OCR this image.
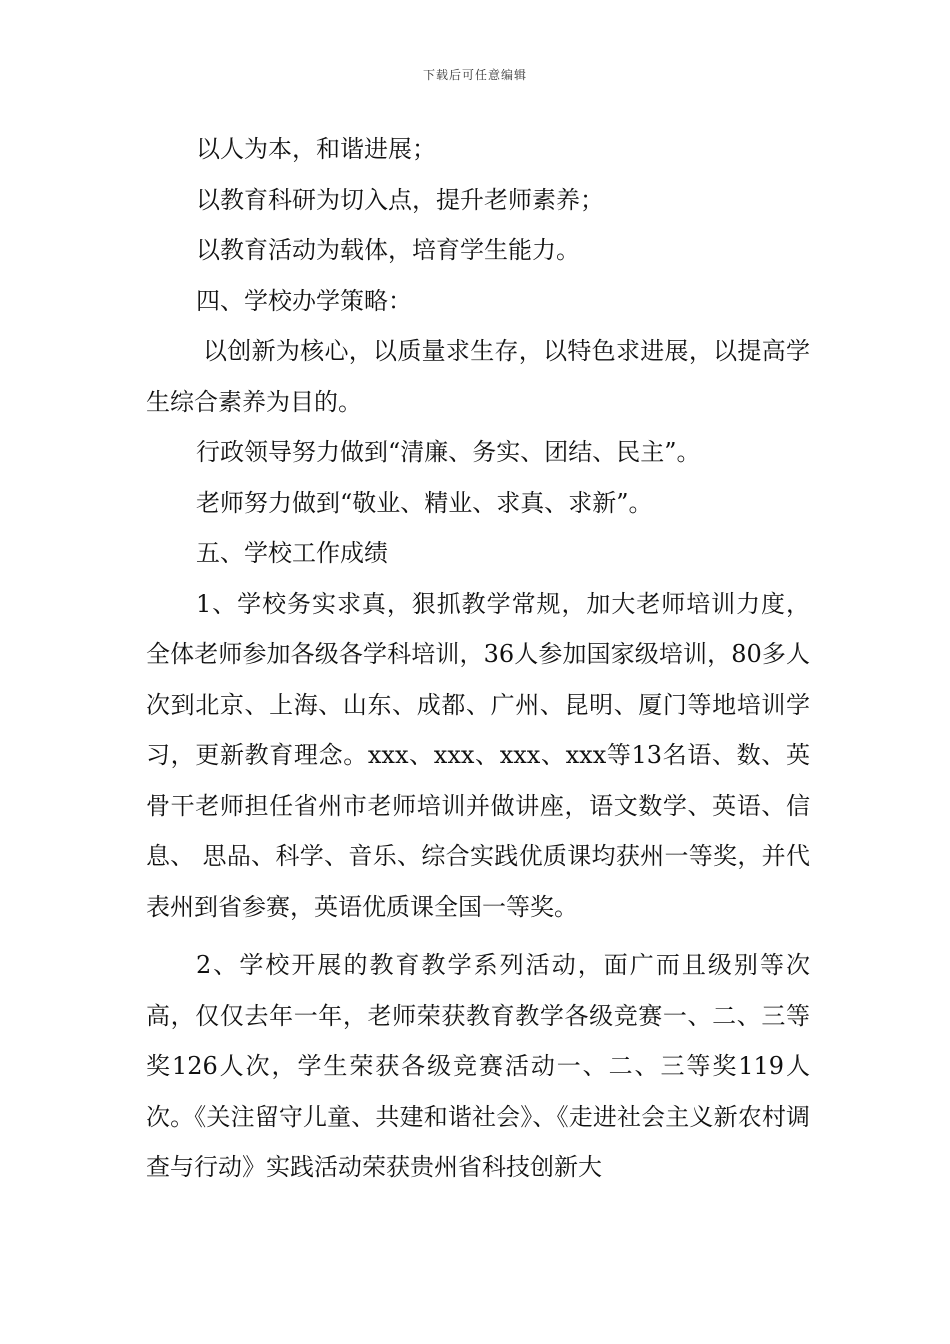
下载后可任意编辑

以人为本，和谐进展；

以教育科研为切入点，提升老师素养；

以教育活动为载体，培育学生能力。

四、学校办学策略：

以创新为核心，以质量求生存，以特色求进展，以提高学生综合素养为目的。

行政领导努力做到“清廉、务实、团结、民主”。

老师努力做到“敬业、精业、求真、求新”。

五、学校工作成绩

1、学校务实求真，狠抓教学常规，加大老师培训力度，全体老师参加各级各学科培训，36人参加国家级培训，80多人次到北京、上海、山东、成都、广州、昆明、厦门等地培训学习，更新教育理念。xxx、xxx、xxx、xxx等13名语、数、英骨干老师担任省州市老师培训并做讲座，语文数学、英语、信息、 思品、科学、音乐、综合实践优质课均获州一等奖，并代表州到省参赛，英语优质课全国一等奖。

2、学校开展的教育教学系列活动，面广而且级别等次高，仅仅去年一年，老师荣获教育教学各级竞赛一、二、三等奖126人次，学生荣获各级竞赛活动一、二、三等奖119人次。《关注留守儿童、共建和谐社会》、《走进社会主义新农村调查与行动》实践活动荣获贵州省科技创新大
